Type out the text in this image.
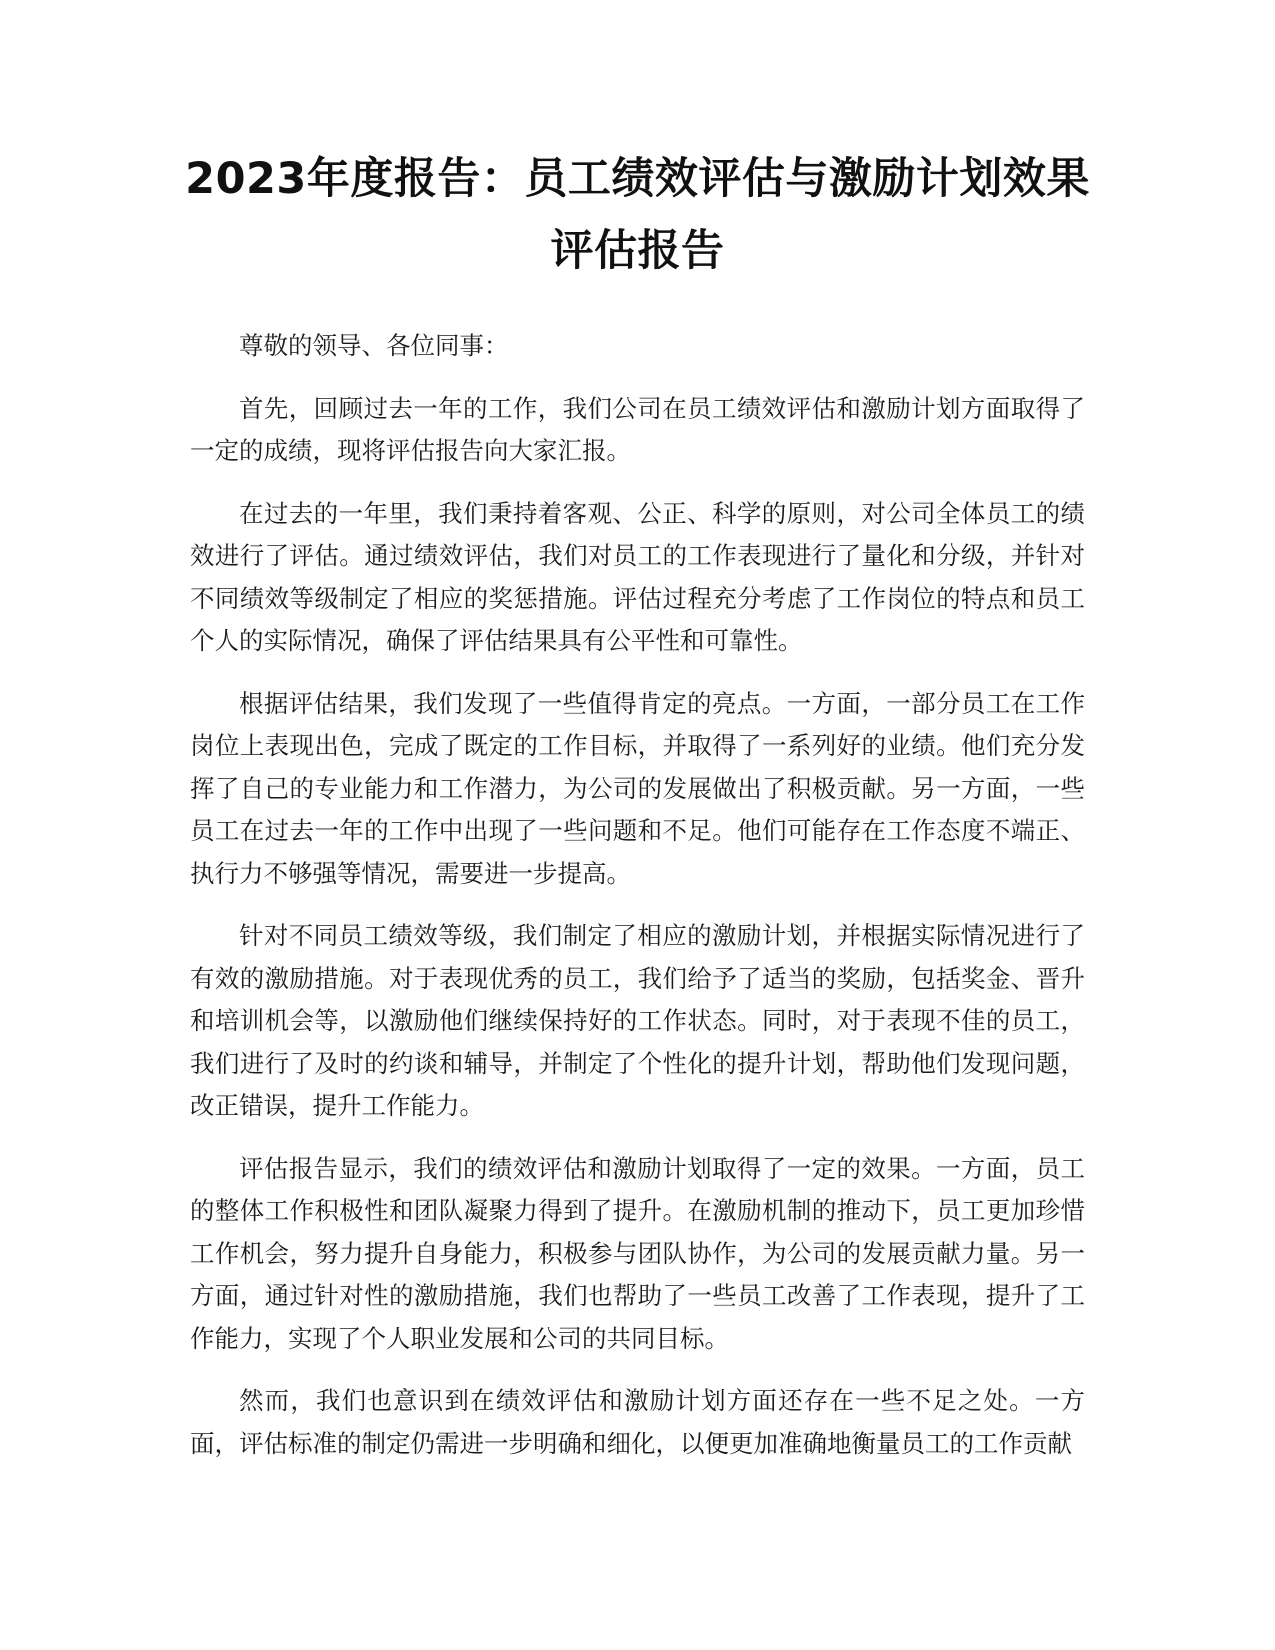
2023年度报告：员工绩效评估与激励计划效果评估报告

尊敬的领导、各位同事：

首先，回顾过去一年的工作，我们公司在员工绩效评估和激励计划方面取得了一定的成绩，现将评估报告向大家汇报。

在过去的一年里，我们秉持着客观、公正、科学的原则，对公司全体员工的绩效进行了评估。通过绩效评估，我们对员工的工作表现进行了量化和分级，并针对不同绩效等级制定了相应的奖惩措施。评估过程充分考虑了工作岗位的特点和员工个人的实际情况，确保了评估结果具有公平性和可靠性。

根据评估结果，我们发现了一些值得肯定的亮点。一方面，一部分员工在工作岗位上表现出色，完成了既定的工作目标，并取得了一系列好的业绩。他们充分发挥了自己的专业能力和工作潜力，为公司的发展做出了积极贡献。另一方面，一些员工在过去一年的工作中出现了一些问题和不足。他们可能存在工作态度不端正、执行力不够强等情况，需要进一步提高。

针对不同员工绩效等级，我们制定了相应的激励计划，并根据实际情况进行了有效的激励措施。对于表现优秀的员工，我们给予了适当的奖励，包括奖金、晋升和培训机会等，以激励他们继续保持好的工作状态。同时，对于表现不佳的员工，我们进行了及时的约谈和辅导，并制定了个性化的提升计划，帮助他们发现问题，改正错误，提升工作能力。

评估报告显示，我们的绩效评估和激励计划取得了一定的效果。一方面，员工的整体工作积极性和团队凝聚力得到了提升。在激励机制的推动下，员工更加珍惜工作机会，努力提升自身能力，积极参与团队协作，为公司的发展贡献力量。另一方面，通过针对性的激励措施，我们也帮助了一些员工改善了工作表现，提升了工作能力，实现了个人职业发展和公司的共同目标。

然而，我们也意识到在绩效评估和激励计划方面还存在一些不足之处。一方面，评估标准的制定仍需进一步明确和细化，以便更加准确地衡量员工的工作贡献
